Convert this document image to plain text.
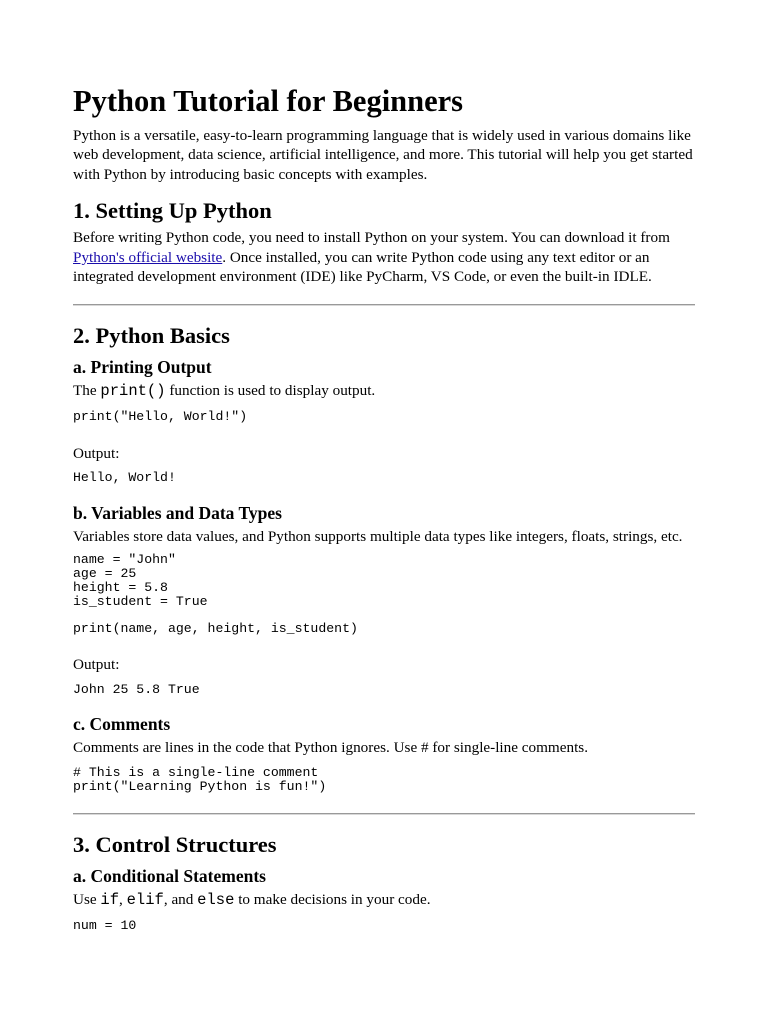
Python Tutorial for Beginners

Python is a versatile, easy-to-learn programming language that is widely used in various domains like web development, data science, artificial intelligence, and more. This tutorial will help you get started with Python by introducing basic concepts with examples.

1. Setting Up Python

Before writing Python code, you need to install Python on your system. You can download it from Python's official website. Once installed, you can write Python code using any text editor or an integrated development environment (IDE) like PyCharm, VS Code, or even the built-in IDLE.

2. Python Basics
a. Printing Output

The print() function is used to display output.

print("Hello, World!")

Output:

Hello, World!
b. Variables and Data Types

Variables store data values, and Python supports multiple data types like integers, floats, strings, etc.

name = "John"
age = 25
height = 5.8
is_student = True
print(name, age, height, is_student)

Output:

John 25 5.8 True
c. Comments

Comments are lines in the code that Python ignores. Use # for single-line comments.

# This is a single-line comment
print("Learning Python is fun!")
3. Control Structures
a. Conditional Statements

Use if, elif, and else to make decisions in your code.

num = 10
